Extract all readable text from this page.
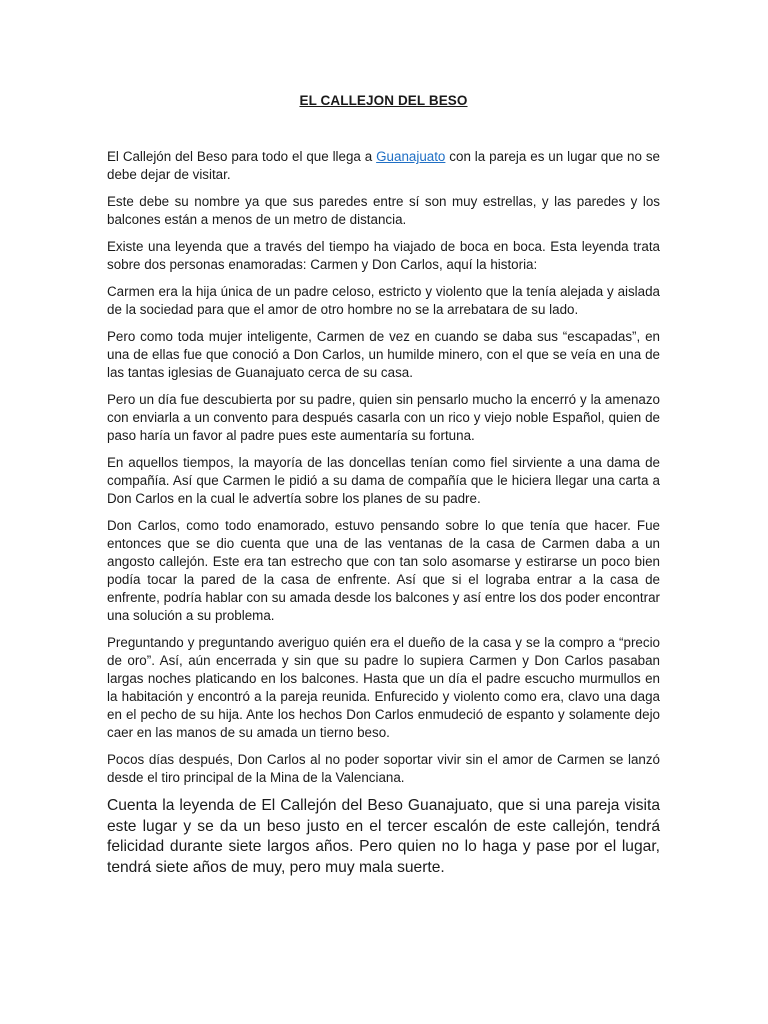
EL CALLEJON DEL BESO

El Callejón del Beso para todo el que llega a Guanajuato con la pareja es un lugar que no se debe dejar de visitar.

Este debe su nombre ya que sus paredes entre sí son muy estrellas, y las paredes y los balcones están a menos de un metro de distancia.

Existe una leyenda que a través del tiempo ha viajado de boca en boca. Esta leyenda trata sobre dos personas enamoradas: Carmen y Don Carlos, aquí la historia:

Carmen era la hija única de un padre celoso, estricto y violento que la tenía alejada y aislada de la sociedad para que el amor de otro hombre no se la arrebatara de su lado.

Pero como toda mujer inteligente, Carmen de vez en cuando se daba sus “escapadas”, en una de ellas fue que conoció a Don Carlos, un humilde minero, con el que se veía en una de las tantas iglesias de Guanajuato cerca de su casa.

Pero un día fue descubierta por su padre, quien sin pensarlo mucho la encerró y la amenazo con enviarla a un convento para después casarla con un rico y viejo noble Español, quien de paso haría un favor al padre pues este aumentaría su fortuna.

En aquellos tiempos, la mayoría de las doncellas tenían como fiel sirviente a una dama de compañía. Así que Carmen le pidió a su dama de compañía que le hiciera llegar una carta a Don Carlos en la cual le advertía sobre los planes de su padre.

Don Carlos, como todo enamorado, estuvo pensando sobre lo que tenía que hacer. Fue entonces que se dio cuenta que una de las ventanas de la casa de Carmen daba a un angosto callejón. Este era tan estrecho que con tan solo asomarse y estirarse un poco bien podía tocar la pared de la casa de enfrente. Así que si el lograba entrar a la casa de enfrente, podría hablar con su amada desde los balcones y así entre los dos poder encontrar una solución a su problema.

Preguntando y preguntando averiguo quién era el dueño de la casa y se la compro a “precio de oro”. Así, aún encerrada y sin que su padre lo supiera Carmen y Don Carlos pasaban largas noches platicando en los balcones. Hasta que un día el padre escucho murmullos en la habitación y encontró a la pareja reunida. Enfurecido y violento como era, clavo una daga en el pecho de su hija. Ante los hechos Don Carlos enmudeció de espanto y solamente dejo caer en las manos de su amada un tierno beso.

Pocos días después, Don Carlos al no poder soportar vivir sin el amor de Carmen se lanzó desde el tiro principal de la Mina de la Valenciana.

Cuenta la leyenda de El Callejón del Beso Guanajuato, que si una pareja visita este lugar y se da un beso justo en el tercer escalón de este callejón, tendrá felicidad durante siete largos años. Pero quien no lo haga y pase por el lugar, tendrá siete años de muy, pero muy mala suerte.
